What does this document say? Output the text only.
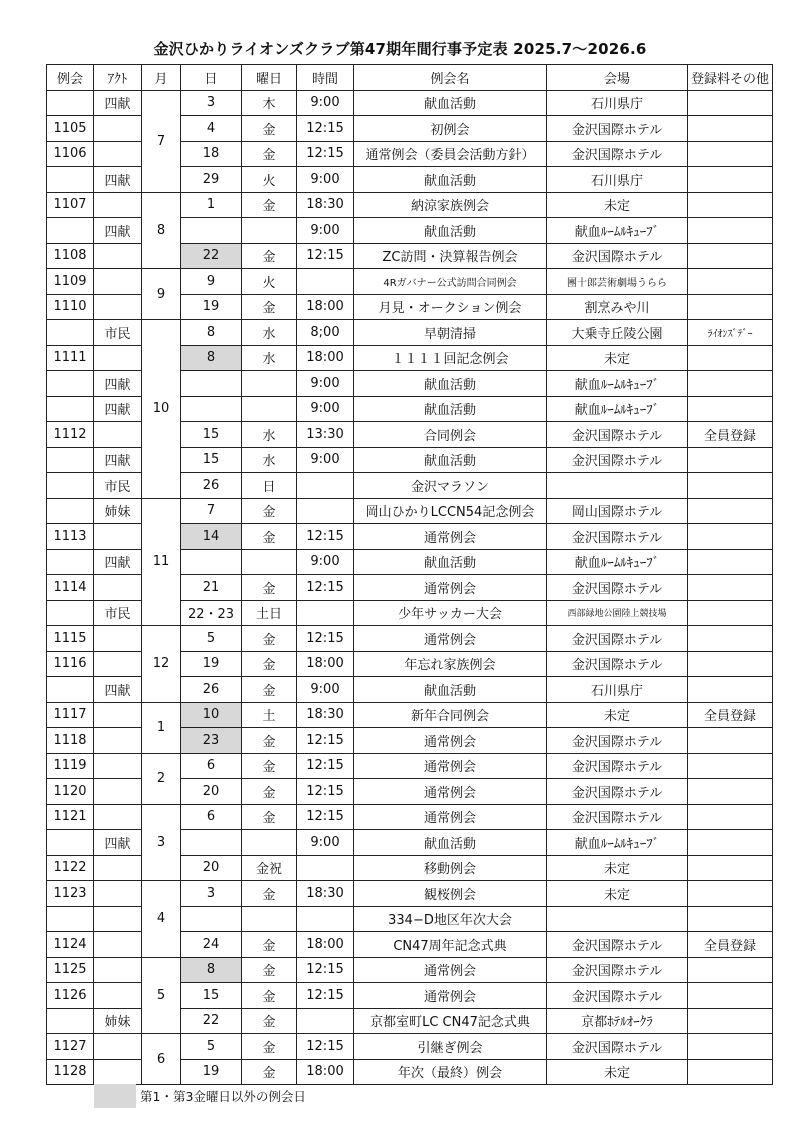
金沢ひかりライオンズクラブ第47期年間行事予定表 2025.7〜2026.6
例会	ｱｸﾄ	月	日	曜日	時間	例会名	会場	登録料その他
	四献	7	3	木	9:00	献血活動	石川県庁	
1105			4	金	12:15	初例会	金沢国際ホテル	
1106			18	金	12:15	通常例会（委員会活動方針）	金沢国際ホテル	
	四献		29	火	9:00	献血活動	石川県庁	
1107		8	1	金	18:30	納涼家族例会	未定	
	四献				9:00	献血活動	献血ﾙｰﾑﾙｷｭｰﾌﾞ	
1108			22	金	12:15	ZC訪問・決算報告例会	金沢国際ホテル	
1109		9	9	火		4Rガバナー公式訪問合同例会	團十郎芸術劇場うらら	
1110			19	金	18:00	月見・オークション例会	割烹みや川	
	市民	10	8	水	8;00	早朝清掃	大乗寺丘陵公園	ﾗｲｵﾝｽﾞﾃﾞｰ
1111			8	水	18:00	１１１１回記念例会	未定	
	四献				9:00	献血活動	献血ﾙｰﾑﾙｷｭｰﾌﾞ	
	四献				9:00	献血活動	献血ﾙｰﾑﾙｷｭｰﾌﾞ	
1112			15	水	13:30	合同例会	金沢国際ホテル	全員登録
	四献		15	水	9:00	献血活動	金沢国際ホテル	
	市民		26	日		金沢マラソン		
	姉妹	11	7	金		岡山ひかりLCCN54記念例会	岡山国際ホテル	
1113			14	金	12:15	通常例会	金沢国際ホテル	
	四献				9:00	献血活動	献血ﾙｰﾑﾙｷｭｰﾌﾞ	
1114			21	金	12:15	通常例会	金沢国際ホテル	
	市民		22・23	土日		少年サッカー大会	西部緑地公園陸上競技場	
1115		12	5	金	12:15	通常例会	金沢国際ホテル	
1116			19	金	18:00	年忘れ家族例会	金沢国際ホテル	
	四献		26	金	9:00	献血活動	石川県庁	
1117		1	10	土	18:30	新年合同例会	未定	全員登録
1118			23	金	12:15	通常例会	金沢国際ホテル	
1119		2	6	金	12:15	通常例会	金沢国際ホテル	
1120			20	金	12:15	通常例会	金沢国際ホテル	
1121		3	6	金	12:15	通常例会	金沢国際ホテル	
	四献				9:00	献血活動	献血ﾙｰﾑﾙｷｭｰﾌﾞ	
1122			20	金祝		移動例会	未定	
1123		4	3	金	18:30	観桜例会	未定	
						334−D地区年次大会		
1124			24	金	18:00	CN47周年記念式典	金沢国際ホテル	全員登録
1125		5	8	金	12:15	通常例会	金沢国際ホテル	
1126			15	金	12:15	通常例会	金沢国際ホテル	
	姉妹		22	金		京都室町LC CN47記念式典	京都ﾎﾃﾙｵｰｸﾗ	
1127		6	5	金	12:15	引継ぎ例会	金沢国際ホテル	
1128			19	金	18:00	年次（最終）例会	未定	
第1・第3金曜日以外の例会日
